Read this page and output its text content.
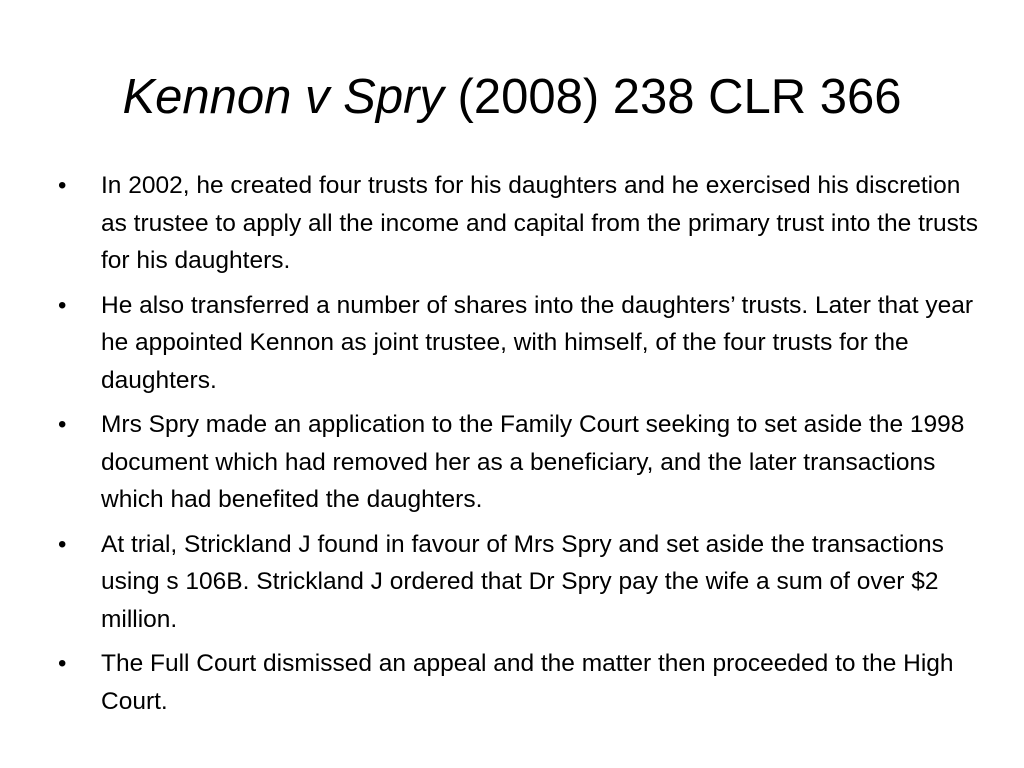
Kennon v Spry (2008) 238 CLR 366
• In 2002, he created four trusts for his daughters and he exercised his discretion as trustee to apply all the income and capital from the primary trust into the trusts for his daughters.
• He also transferred a number of shares into the daughters’ trusts. Later that year he appointed Kennon as joint trustee, with himself, of the four trusts for the daughters.
• Mrs Spry made an application to the Family Court seeking to set aside the 1998 document which had removed her as a beneficiary, and the later transactions which had benefited the daughters.
• At trial, Strickland J found in favour of Mrs Spry and set aside the transactions using s 106B. Strickland J ordered that Dr Spry pay the wife a sum of over $2 million.
• The Full Court dismissed an appeal and the matter then proceeded to the High Court.
